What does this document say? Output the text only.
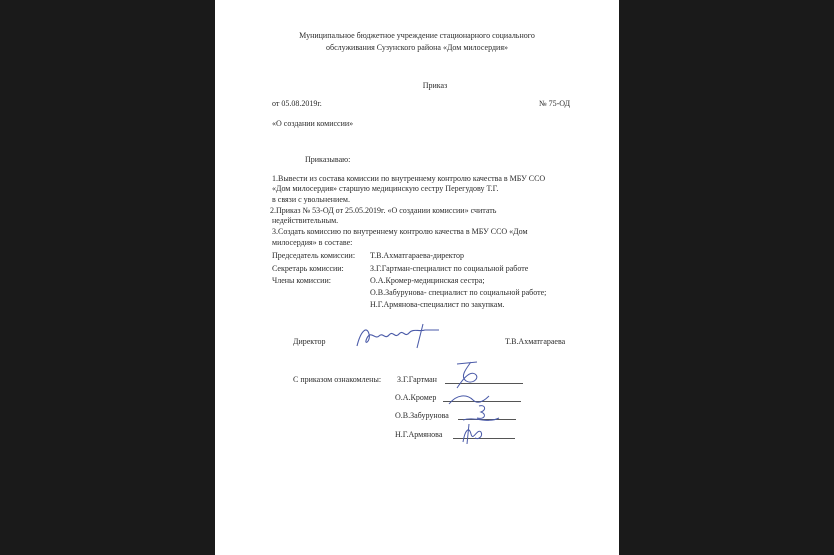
Муниципальное бюджетное учреждение стационарного социального
обслуживания Сузунского района «Дом милосердия»
Приказ
от 05.08.2019г.	№ 75-ОД
«О создании комиссии»
Приказываю:
1.Вывести из состава комиссии по внутреннему контролю качества в МБУ ССО
«Дом милосердия» старшую медицинскую сестру Перегудову Т.Г.
в связи с увольнением.
2.Приказ № 53-ОД от 25.05.2019г. «О создании комиссии» считать
недействительным.
3.Создать комиссию по внутреннему контролю качества в МБУ ССО «Дом
милосердия» в составе:
Председатель комиссии: Т.В.Ахматгараева-директор
Секретарь комиссии:	З.Г.Гартман-специалист по социальной работе
Члены комиссии:	О.А.Кромер-медицинская сестра;
О.В.Забурунова- специалист по социальной работе;
Н.Г.Армянова-специалист по закупкам.
Директор	Т.В.Ахматгараева
С приказом ознакомлены: З.Г.Гартман
О.А.Кромер
О.В.Забурунова
Н.Г.Армянова
